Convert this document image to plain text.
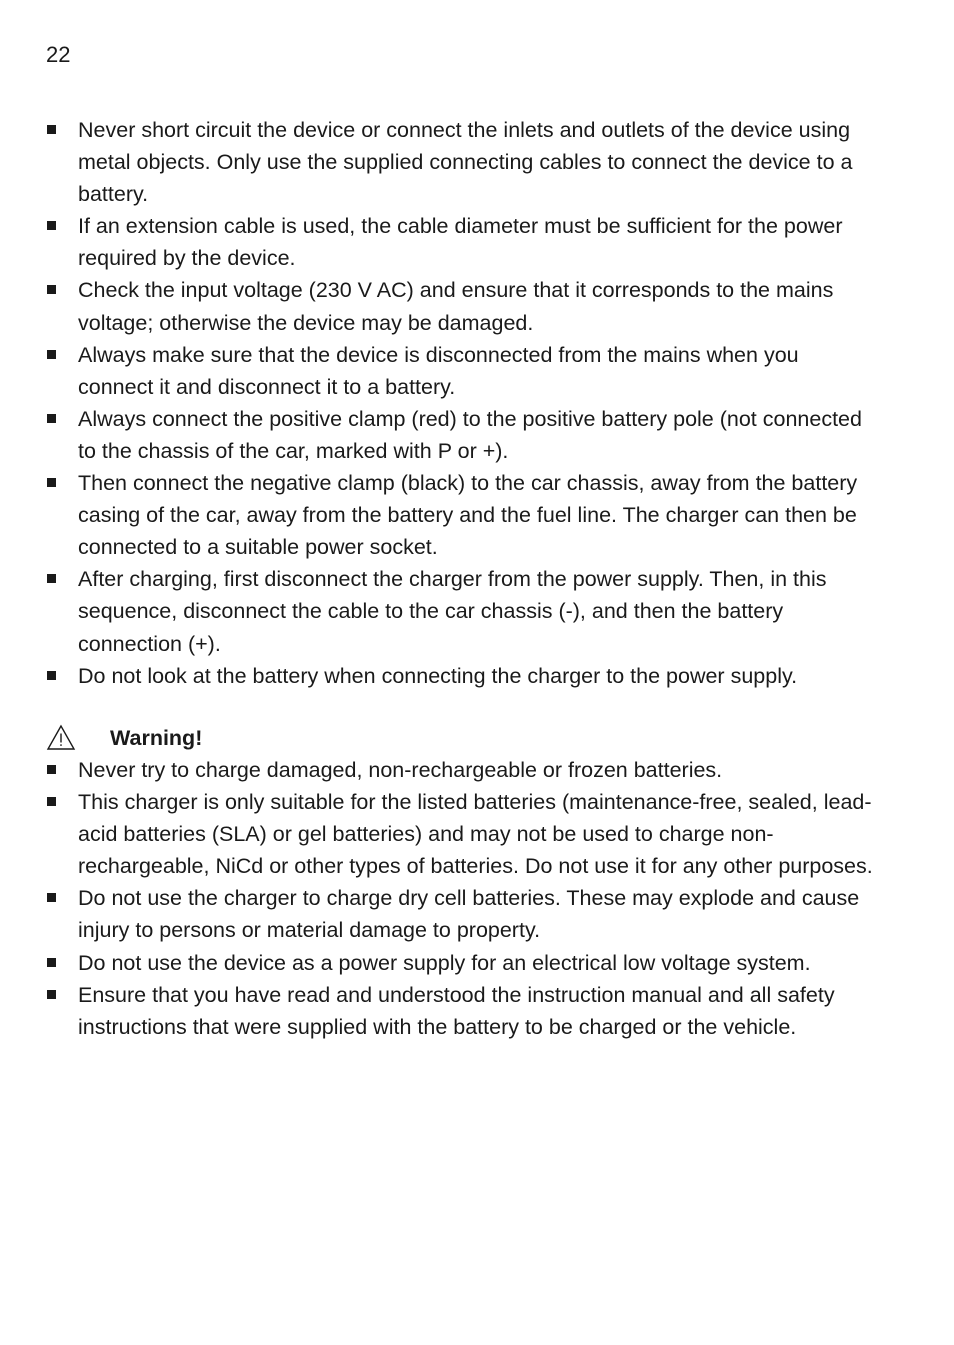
22
Never short circuit the device or connect the inlets and outlets of the device using metal objects. Only use the supplied connecting cables to connect the device to a battery.
If an extension cable is used, the cable diameter must be sufficient for the power required by the device.
Check the input voltage (230 V AC) and ensure that it corresponds to the mains voltage; otherwise the device may be damaged.
Always make sure that the device is disconnected from the mains when you connect it and disconnect it to a battery.
Always connect the positive clamp (red) to the positive battery pole (not connected to the chassis of the car, marked with P or +).
Then connect the negative clamp (black) to the car chassis, away from the battery casing of the car, away from the battery and the fuel line. The charger can then be connected to a suitable power socket.
After charging, first disconnect the charger from the power supply. Then, in this sequence, disconnect the cable to the car chassis (-), and then the battery connection (+).
Do not look at the battery when connecting the charger to the power supply.
Warning!
Never try to charge damaged, non-rechargeable or frozen batteries.
This charger is only suitable for the listed batteries (maintenance-free, sealed, lead-acid batteries (SLA) or gel batteries) and may not be used to charge non-rechargeable, NiCd or other types of batteries. Do not use it for any other purposes.
Do not use the charger to charge dry cell batteries. These may explode and cause injury to persons or material damage to property.
Do not use the device as a power supply for an electrical low voltage system.
Ensure that you have read and understood the instruction manual and all safety instructions that were supplied with the battery to be charged or the vehicle.
